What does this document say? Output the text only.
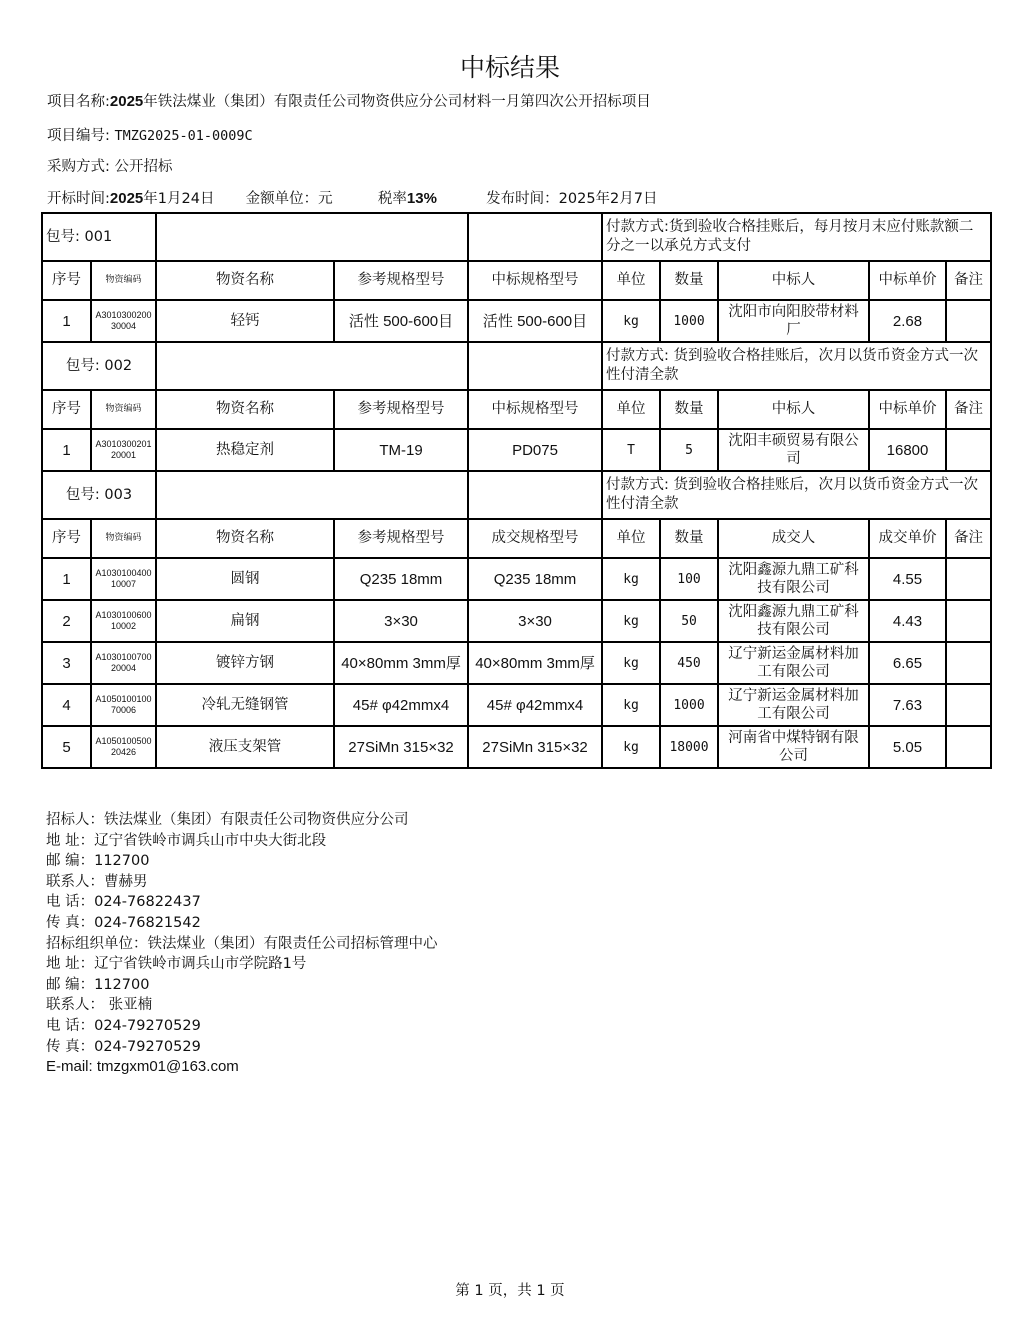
中标结果
项目名称:2025年铁法煤业（集团）有限责任公司物资供应分公司材料一月第四次公开招标项目
项目编号: TMZG2025-01-0009C
采购方式: 公开招标
开标时间:2025年1月24日 金额单位：元	税率13%	发布时间：2025年2月7日
包号: 001					付款方式:货到验收合格挂账后，每月按月末应付账款额二分之一以承兑方式支付				
序号	物资编码	物资名称	参考规格型号	中标规格型号	单位	数量	中标人	中标单价	备注
1	A301030020030004	轻钙	活性 500-600目	活性 500-600目	kg	1000	沈阳市向阳胶带材料厂	2.68	
包号: 002					付款方式: 货到验收合格挂账后，次月以货币资金方式一次性付清全款				
序号	物资编码	物资名称	参考规格型号	中标规格型号	单位	数量	中标人	中标单价	备注
1	A301030020120001	热稳定剂	TM-19	PD075	T	5	沈阳丰硕贸易有限公司	16800	
包号: 003					付款方式: 货到验收合格挂账后，次月以货币资金方式一次性付清全款				
序号	物资编码	物资名称	参考规格型号	成交规格型号	单位	数量	成交人	成交单价	备注
1	A103010040010007	圆钢	Q235 18mm	Q235 18mm	kg	100	沈阳鑫源九鼎工矿科技有限公司	4.55	
2	A103010060010002	扁钢	3×30	3×30	kg	50	沈阳鑫源九鼎工矿科技有限公司	4.43	
3	A103010070020004	镀锌方钢	40×80mm 3mm厚	40×80mm 3mm厚	kg	450	辽宁新运金属材料加工有限公司	6.65	
4	A105010010070006	冷轧无缝钢管	45# φ42mmx4	45# φ42mmx4	kg	1000	辽宁新运金属材料加工有限公司	7.63	
5	A105010050020426	液压支架管	27SiMn 315×32	27SiMn 315×32	kg	18000	河南省中煤特钢有限公司	5.05	
招标人：铁法煤业（集团）有限责任公司物资供应分公司
地 址：辽宁省铁岭市调兵山市中央大街北段
邮 编：112700
联系人：曹赫男
电 话：024-76822437
传 真：024-76821542
招标组织单位：铁法煤业（集团）有限责任公司招标管理中心
地 址：辽宁省铁岭市调兵山市学院路1号
邮 编：112700
联系人： 张亚楠
电 话：024-79270529
传 真：024-79270529
E-mail: tmzgxm01@163.com
第 1 页，共 1 页
